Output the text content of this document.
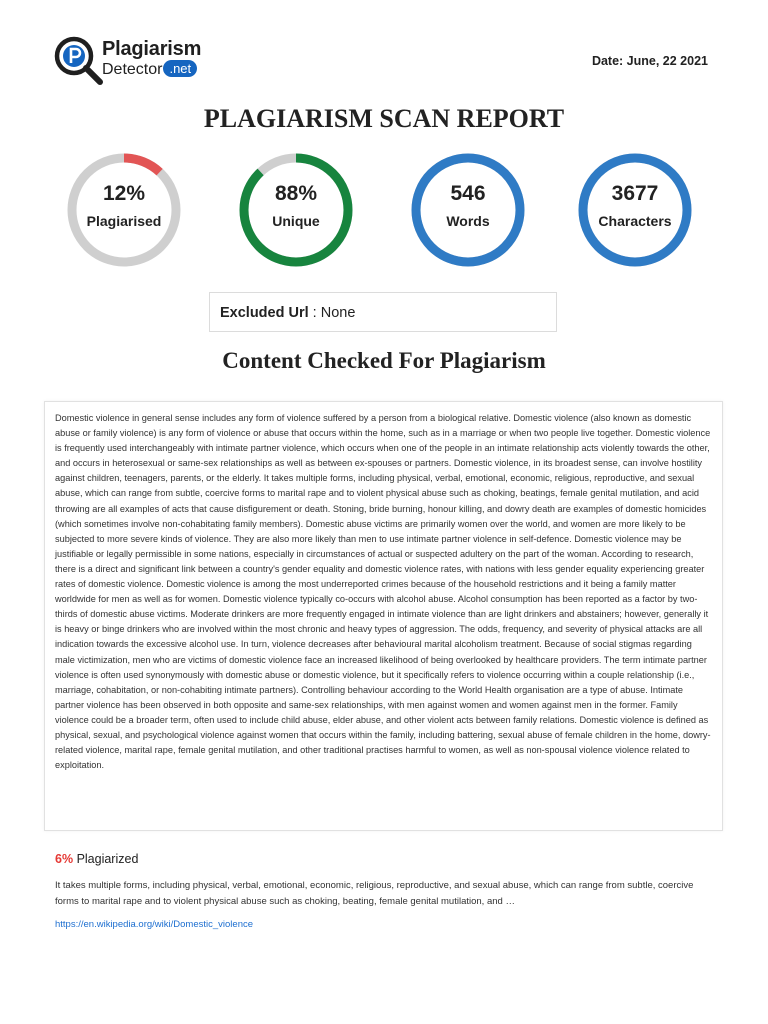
Plagiarism
Detector .net	Date: June, 22 2021
PLAGIARISM SCAN REPORT
12%
Plagiarised
88%
Unique
546
Words
3677
Characters
Excluded Url : None
Content Checked For Plagiarism
Domestic violence in general sense includes any form of violence suffered by a person from a biological relative. Domestic violence (also known as domestic abuse or family violence) is any form of violence or abuse that occurs within the home, such as in a marriage or when two people live together. Domestic violence is frequently used interchangeably with intimate partner violence, which occurs when one of the people in an intimate relationship acts violently towards the other, and occurs in heterosexual or same-sex relationships as well as between ex-spouses or partners. Domestic violence, in its broadest sense, can involve hostility against children, teenagers, parents, or the elderly. It takes multiple forms, including physical, verbal, emotional, economic, religious, reproductive, and sexual abuse, which can range from subtle, coercive forms to marital rape and to violent physical abuse such as choking, beatings, female genital mutilation, and acid throwing are all examples of acts that cause disfigurement or death. Stoning, bride burning, honour killing, and dowry death are examples of domestic homicides (which sometimes involve non-cohabitating family members). Domestic abuse victims are primarily women over the world, and women are more likely to be subjected to more severe kinds of violence. They are also more likely than men to use intimate partner violence in self-defence. Domestic violence may be justifiable or legally permissible in some nations, especially in circumstances of actual or suspected adultery on the part of the woman. According to research, there is a direct and significant link between a country's gender equality and domestic violence rates, with nations with less gender equality experiencing greater rates of domestic violence. Domestic violence is among the most underreported crimes because of the household restrictions and it being a family matter worldwide for men as well as for women. Domestic violence typically co-occurs with alcohol abuse. Alcohol consumption has been reported as a factor by two-thirds of domestic abuse victims. Moderate drinkers are more frequently engaged in intimate violence than are light drinkers and abstainers; however, generally it is heavy or binge drinkers who are involved within the most chronic and heavy types of aggression. The odds, frequency, and severity of physical attacks are all indication towards the excessive alcohol use. In turn, violence decreases after behavioural marital alcoholism treatment. Because of social stigmas regarding male victimization, men who are victims of domestic violence face an increased likelihood of being overlooked by healthcare providers. The term intimate partner violence is often used synonymously with domestic abuse or domestic violence, but it specifically refers to violence occurring within a couple relationship (i.e., marriage, cohabitation, or non-cohabiting intimate partners). Controlling behaviour according to the World Health organisation are a type of abuse. Intimate partner violence has been observed in both opposite and same-sex relationships, with men against women and women against men in the former. Family violence could be a broader term, often used to include child abuse, elder abuse, and other violent acts between family relations. Domestic violence is defined as physical, sexual, and psychological violence against women that occurs within the family, including battering, sexual abuse of female children in the home, dowry-related violence, marital rape, female genital mutilation, and other traditional practises harmful to women, as well as non-spousal violence violence related to exploitation.
6% Plagiarized
It takes multiple forms, including physical, verbal, emotional, economic, religious, reproductive, and sexual abuse, which can range from subtle, coercive forms to marital rape and to violent physical abuse such as choking, beating, female genital mutilation, and …
https://en.wikipedia.org/wiki/Domestic_violence
